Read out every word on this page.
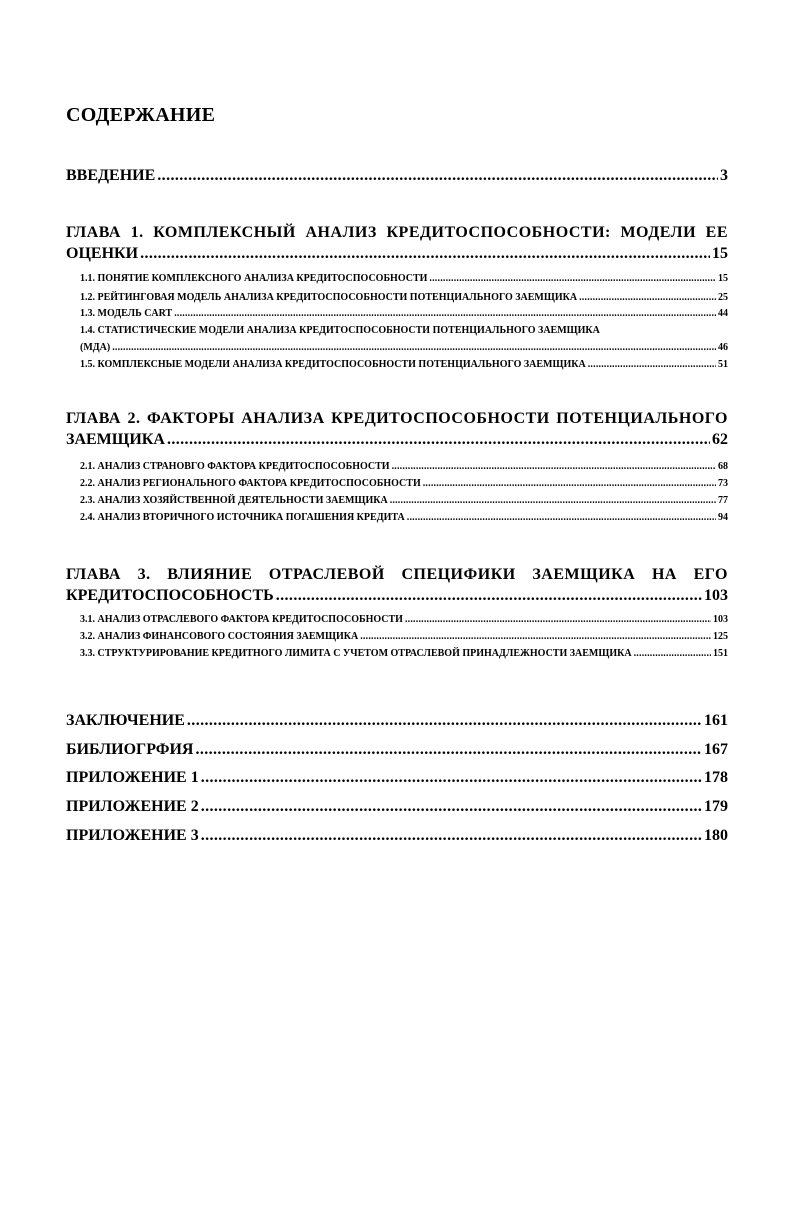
СОДЕРЖАНИЕ
ВВЕДЕНИЕ .....	3
ГЛАВА 1. КОМПЛЕКСНЫЙ АНАЛИЗ КРЕДИТОСПОСОБНОСТИ: МОДЕЛИ ЕЕ
ОЦЕНКИ .....	15
1.1. ПОНЯТИЕ КОМПЛЕКСНОГО АНАЛИЗА КРЕДИТОСПОСОБНОСТИ .....	15
1.2. РЕЙТИНГОВАЯ МОДЕЛЬ АНАЛИЗА КРЕДИТОСПОСОБНОСТИ ПОТЕНЦИАЛЬНОГО ЗАЕМЩИКА .....	25
1.3. МОДЕЛЬ CART .....	44
1.4. СТАТИСТИЧЕСКИЕ МОДЕЛИ АНАЛИЗА КРЕДИТОСПОСОБНОСТИ ПОТЕНЦИАЛЬНОГО ЗАЕМЩИКА
(МДА) .....	46
1.5. КОМПЛЕКСНЫЕ МОДЕЛИ АНАЛИЗА КРЕДИТОСПОСОБНОСТИ ПОТЕНЦИАЛЬНОГО ЗАЕМЩИКА .....	51
ГЛАВА 2. ФАКТОРЫ АНАЛИЗА КРЕДИТОСПОСОБНОСТИ ПОТЕНЦИАЛЬНОГО
ЗАЕМЩИКА .....	62
2.1. АНАЛИЗ СТРАНОВГО ФАКТОРА КРЕДИТОСПОСОБНОСТИ .....	68
2.2. АНАЛИЗ РЕГИОНАЛЬНОГО ФАКТОРА КРЕДИТОСПОСОБНОСТИ .....	73
2.3. АНАЛИЗ ХОЗЯЙСТВЕННОЙ ДЕЯТЕЛЬНОСТИ ЗАЕМЩИКА .....	77
2.4. АНАЛИЗ ВТОРИЧНОГО ИСТОЧНИКА ПОГАШЕНИЯ КРЕДИТА .....	94
ГЛАВА 3. ВЛИЯНИЕ ОТРАСЛЕВОЙ СПЕЦИФИКИ ЗАЕМЩИКА НА ЕГО
КРЕДИТОСПОСОБНОСТЬ .....	103
3.1. АНАЛИЗ ОТРАСЛЕВОГО ФАКТОРА КРЕДИТОСПОСОБНОСТИ .....	103
3.2. АНАЛИЗ ФИНАНСОВОГО СОСТОЯНИЯ ЗАЕМЩИКА .....	125
3.3. СТРУКТУРИРОВАНИЕ КРЕДИТНОГО ЛИМИТА С УЧЕТОМ ОТРАСЛЕВОЙ ПРИНАДЛЕЖНОСТИ ЗАЕМЩИКА .....	151
ЗАКЛЮЧЕНИЕ .....	161
БИБЛИОГРФИЯ .....	167
ПРИЛОЖЕНИЕ 1 .....	178
ПРИЛОЖЕНИЕ 2 .....	179
ПРИЛОЖЕНИЕ 3 .....	180
